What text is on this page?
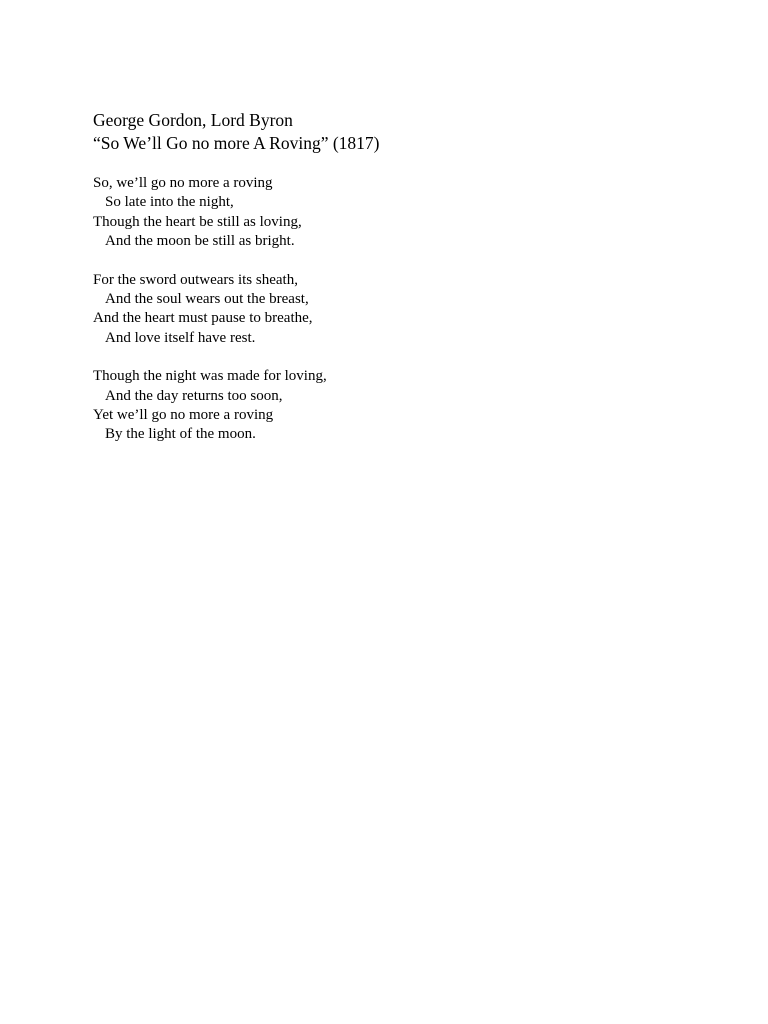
George Gordon, Lord Byron
“So We’ll Go no more A Roving” (1817)
So, we’ll go no more a roving
So late into the night,
Though the heart be still as loving,
And the moon be still as bright.
For the sword outwears its sheath,
And the soul wears out the breast,
And the heart must pause to breathe,
And love itself have rest.
Though the night was made for loving,
And the day returns too soon,
Yet we’ll go no more a roving
By the light of the moon.
